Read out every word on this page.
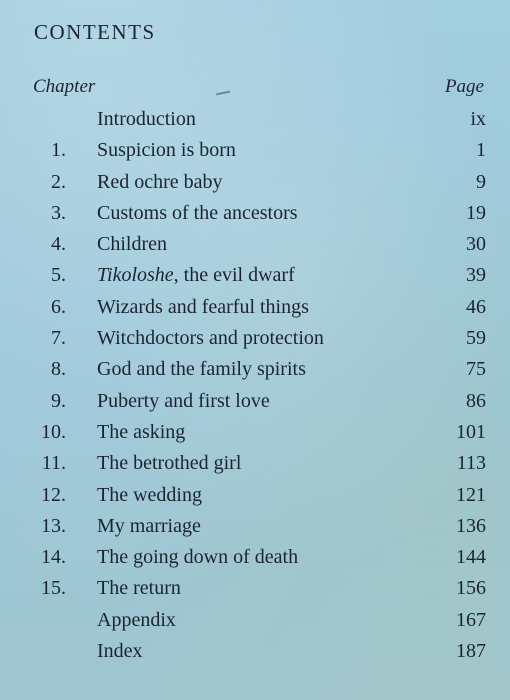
CONTENTS
Chapter	Page
Introduction	ix
1. Suspicion is born	1
2. Red ochre baby	9
3. Customs of the ancestors	19
4. Children	30
5. Tikoloshe, the evil dwarf	39
6. Wizards and fearful things	46
7. Witchdoctors and protection	59
8. God and the family spirits	75
9. Puberty and first love	86
10. The asking	101
11. The betrothed girl	113
12. The wedding	121
13. My marriage	136
14. The going down of death	144
15. The return	156
Appendix	167
Index	187
